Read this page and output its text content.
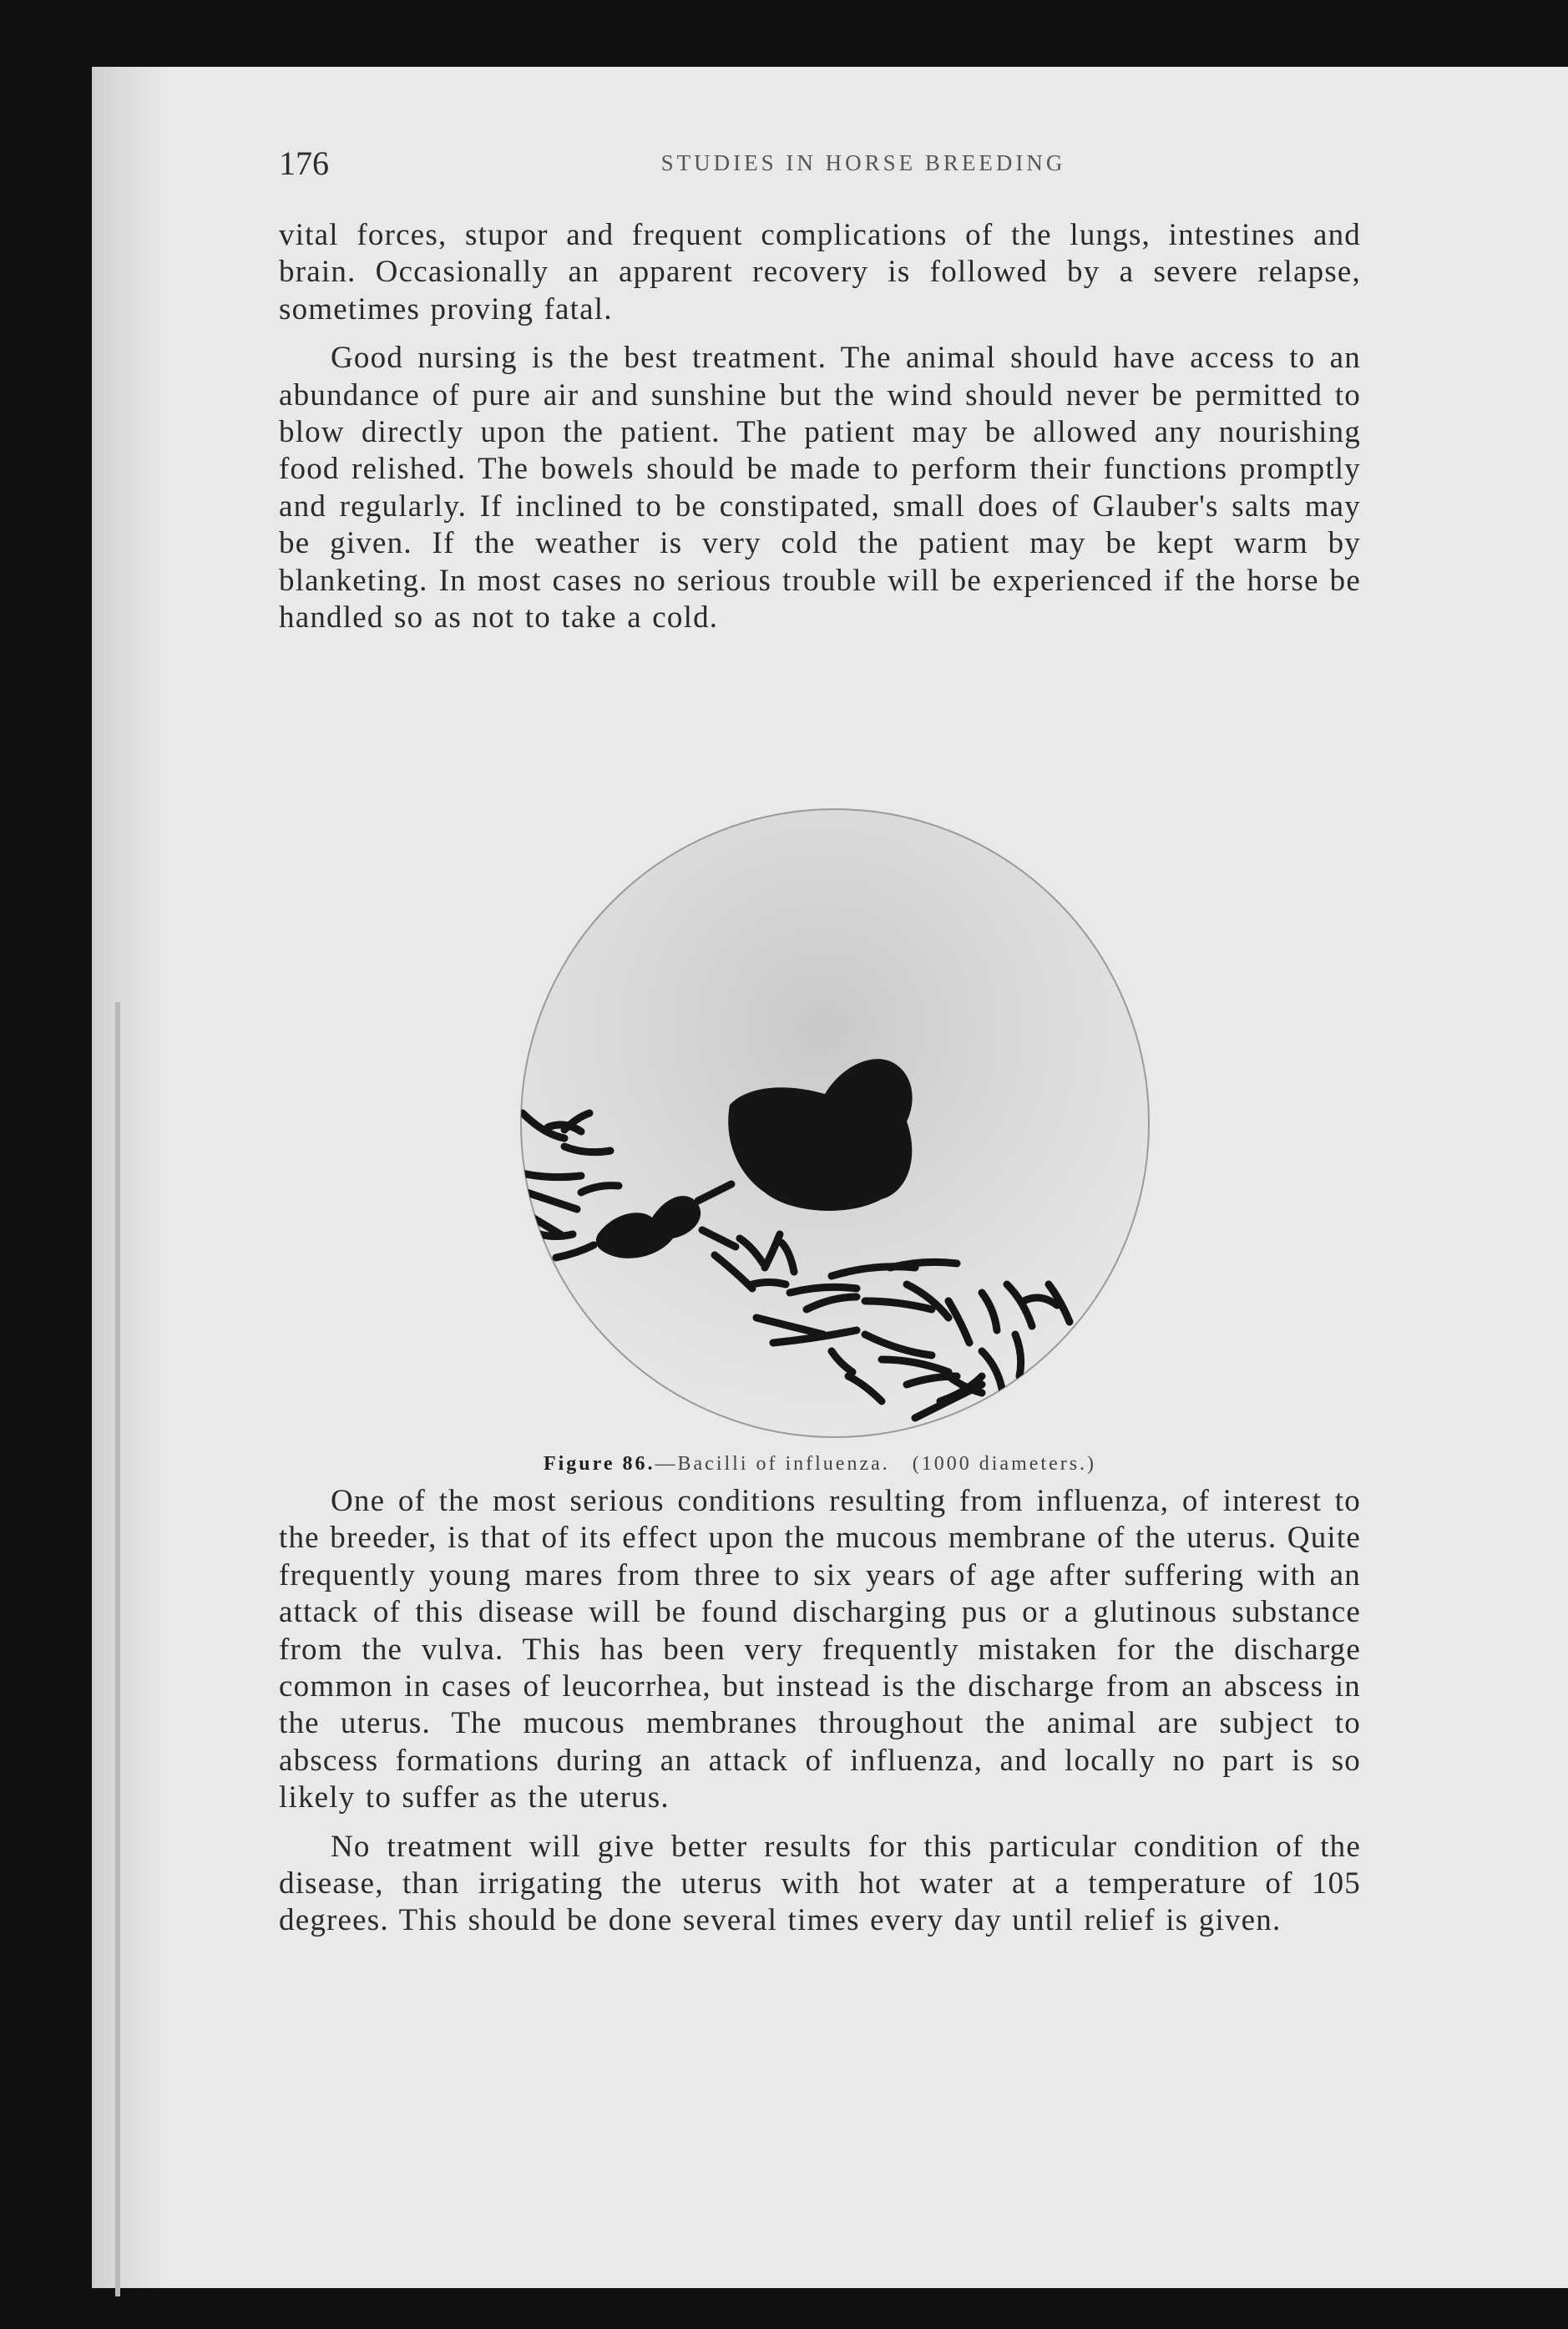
176	STUDIES IN HORSE BREEDING

vital forces, stupor and frequent complications of the lungs, intestines and brain. Occasionally an apparent recovery is followed by a severe relapse, sometimes proving fatal.

Good nursing is the best treatment. The animal should have access to an abundance of pure air and sunshine but the wind should never be permitted to blow directly upon the patient. The patient may be allowed any nourishing food relished. The bowels should be made to perform their functions promptly and regularly. If inclined to be constipated, small does of Glauber's salts may be given. If the weather is very cold the patient may be kept warm by blanketing. In most cases no serious trouble will be experienced if the horse be handled so as not to take a cold.

Figure 86.—Bacilli of influenza. (1000 diameters.)

One of the most serious conditions resulting from influenza, of interest to the breeder, is that of its effect upon the mucous membrane of the uterus. Quite frequently young mares from three to six years of age after suffering with an attack of this disease will be found discharging pus or a glutinous substance from the vulva. This has been very frequently mistaken for the discharge common in cases of leucorrhea, but instead is the discharge from an abscess in the uterus. The mucous membranes throughout the animal are subject to abscess formations during an attack of influenza, and locally no part is so likely to suffer as the uterus.

No treatment will give better results for this particular condition of the disease, than irrigating the uterus with hot water at a temperature of 105 degrees. This should be done several times every day until relief is given.
